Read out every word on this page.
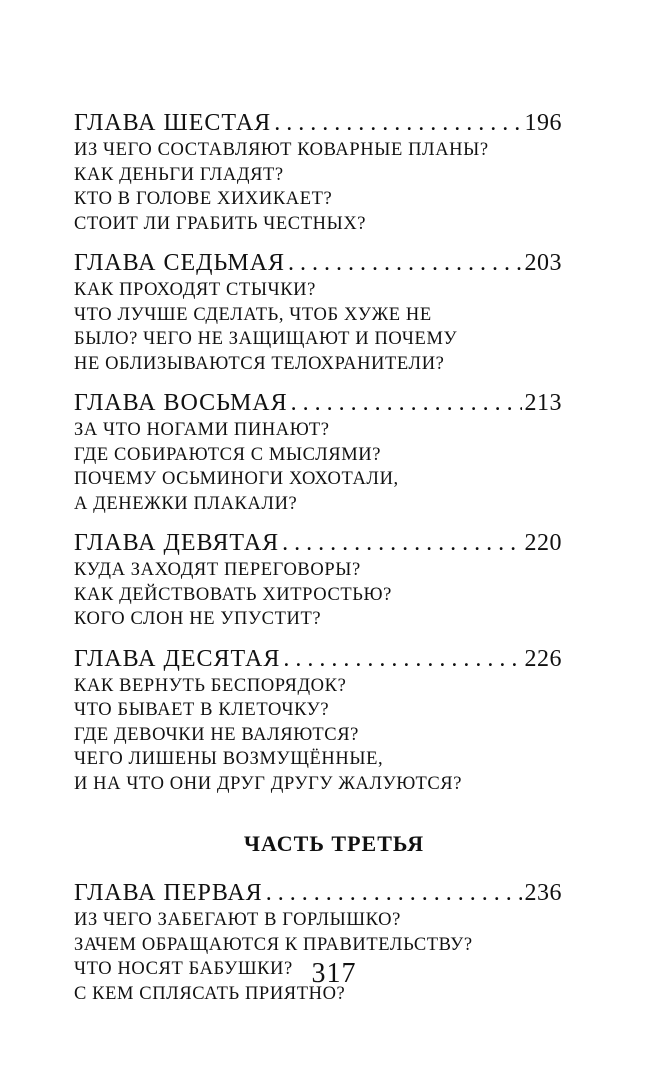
ГЛАВА ШЕСТАЯ . . .	196
ИЗ ЧЕГО СОСТАВЛЯЮТ КОВАРНЫЕ ПЛАНЫ?
КАК ДЕНЬГИ ГЛАДЯТ?
КТО В ГОЛОВЕ ХИХИКАЕТ?
СТОИТ ЛИ ГРАБИТЬ ЧЕСТНЫХ?
ГЛАВА СЕДЬМАЯ . . .	203
КАК ПРОХОДЯТ СТЫЧКИ?
ЧТО ЛУЧШЕ СДЕЛАТЬ, ЧТОБ ХУЖЕ НЕ
БЫЛО? ЧЕГО НЕ ЗАЩИЩАЮТ И ПОЧЕМУ
НЕ ОБЛИЗЫВАЮТСЯ ТЕЛОХРАНИТЕЛИ?
ГЛАВА ВОСЬМАЯ . . .	213
ЗА ЧТО НОГАМИ ПИНАЮТ?
ГДЕ СОБИРАЮТСЯ С МЫСЛЯМИ?
ПОЧЕМУ ОСЬМИНОГИ ХОХОТАЛИ,
А ДЕНЕЖКИ ПЛАКАЛИ?
ГЛАВА ДЕВЯТАЯ . . .	220
КУДА ЗАХОДЯТ ПЕРЕГОВОРЫ?
КАК ДЕЙСТВОВАТЬ ХИТРОСТЬЮ?
КОГО СЛОН НЕ УПУСТИТ?
ГЛАВА ДЕСЯТАЯ . . .	226
КАК ВЕРНУТЬ БЕСПОРЯДОК?
ЧТО БЫВАЕТ В КЛЕТОЧКУ?
ГДЕ ДЕВОЧКИ НЕ ВАЛЯЮТСЯ?
ЧЕГО ЛИШЕНЫ ВОЗМУЩЁННЫЕ,
И НА ЧТО ОНИ ДРУГ ДРУГУ ЖАЛУЮТСЯ?
ЧАСТЬ ТРЕТЬЯ
ГЛАВА ПЕРВАЯ . . .	236
ИЗ ЧЕГО ЗАБЕГАЮТ В ГОРЛЫШКО?
ЗАЧЕМ ОБРАЩАЮТСЯ К ПРАВИТЕЛЬСТВУ?
ЧТО НОСЯТ БАБУШКИ?
С КЕМ СПЛЯСАТЬ ПРИЯТНО?
317
